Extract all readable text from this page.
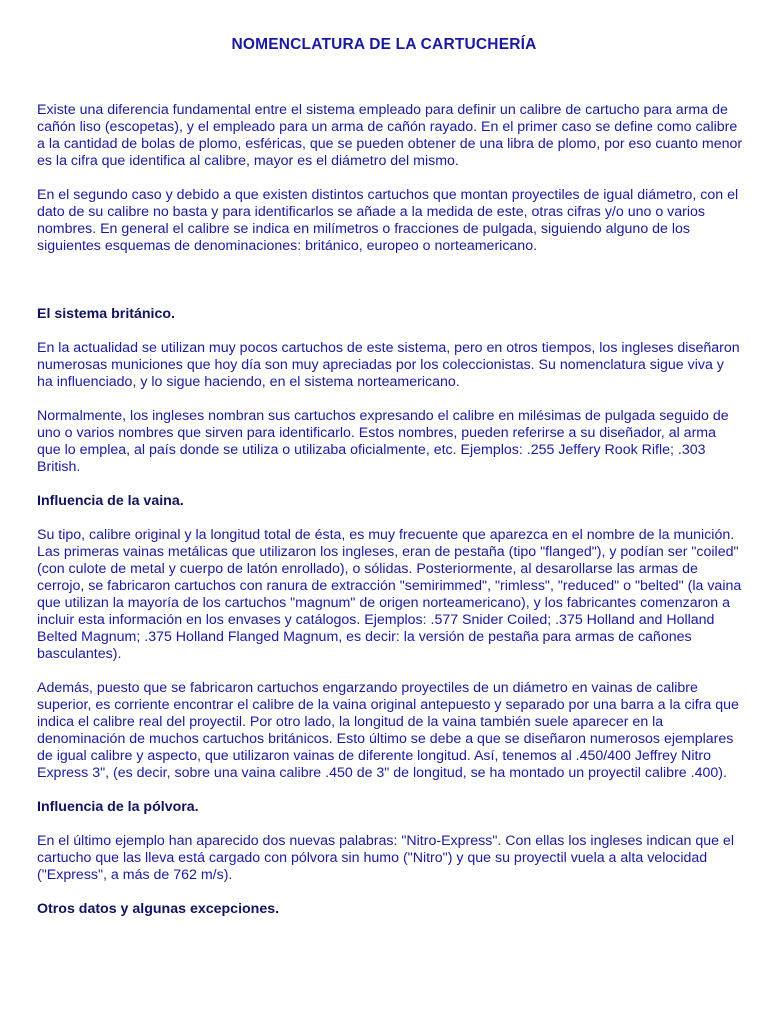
NOMENCLATURA DE LA CARTUCHERÍA

Existe una diferencia fundamental entre el sistema empleado para definir un calibre de cartucho para arma de cañón liso (escopetas), y el empleado para un arma de cañón rayado. En el primer caso se define como calibre a la cantidad de bolas de plomo, esféricas, que se pueden obtener de una libra de plomo, por eso cuanto menor es la cifra que identifica al calibre, mayor es el diámetro del mismo.

En el segundo caso y debido a que existen distintos cartuchos que montan proyectiles de igual diámetro, con el dato de su calibre no basta y para identificarlos se añade a la medida de este, otras cifras y/o uno o varios nombres. En general el calibre se indica en milímetros o fracciones de pulgada, siguiendo alguno de los siguientes esquemas de denominaciones: británico, europeo o norteamericano.

El sistema británico.

En la actualidad se utilizan muy pocos cartuchos de este sistema, pero en otros tiempos, los ingleses diseñaron numerosas municiones que hoy día son muy apreciadas por los coleccionistas. Su nomenclatura sigue viva y ha influenciado, y lo sigue haciendo, en el sistema norteamericano.

Normalmente, los ingleses nombran sus cartuchos expresando el calibre en milésimas de pulgada seguido de uno o varios nombres que sirven para identificarlo. Estos nombres, pueden referirse a su diseñador, al arma que lo emplea, al país donde se utiliza o utilizaba oficialmente, etc. Ejemplos: .255 Jeffery Rook Rifle; .303 British.

Influencia de la vaina.

Su tipo, calibre original y la longitud total de ésta, es muy frecuente que aparezca en el nombre de la munición. Las primeras vainas metálicas que utilizaron los ingleses, eran de pestaña (tipo "flanged"), y podían ser "coiled" (con culote de metal y cuerpo de latón enrollado), o sólidas. Posteriormente, al desarollarse las armas de cerrojo, se fabricaron cartuchos con ranura de extracción "semirimmed", "rimless", "reduced" o "belted" (la vaina que utilizan la mayoría de los cartuchos "magnum" de origen norteamericano), y los fabricantes comenzaron a incluir esta información en los envases y catálogos. Ejemplos: .577 Snider Coiled; .375 Holland and Holland Belted Magnum; .375 Holland Flanged Magnum, es decir: la versión de pestaña para armas de cañones basculantes).

Además, puesto que se fabricaron cartuchos engarzando proyectiles de un diámetro en vainas de calibre superior, es corriente encontrar el calibre de la vaina original antepuesto y separado por una barra a la cifra que indica el calibre real del proyectil. Por otro lado, la longitud de la vaina también suele aparecer en la denominación de muchos cartuchos británicos. Esto último se debe a que se diseñaron numerosos ejemplares de igual calibre y aspecto, que utilizaron vainas de diferente longitud. Así, tenemos al .450/400 Jeffrey Nitro Express 3", (es decir, sobre una vaina calibre .450 de 3" de longitud, se ha montado un proyectil calibre .400).

Influencia de la pólvora.

En el último ejemplo han aparecido dos nuevas palabras: "Nitro-Express". Con ellas los ingleses indican que el cartucho que las lleva está cargado con pólvora sin humo ("Nitro") y que su proyectil vuela a alta velocidad ("Express", a más de 762 m/s).

Otros datos y algunas excepciones.
